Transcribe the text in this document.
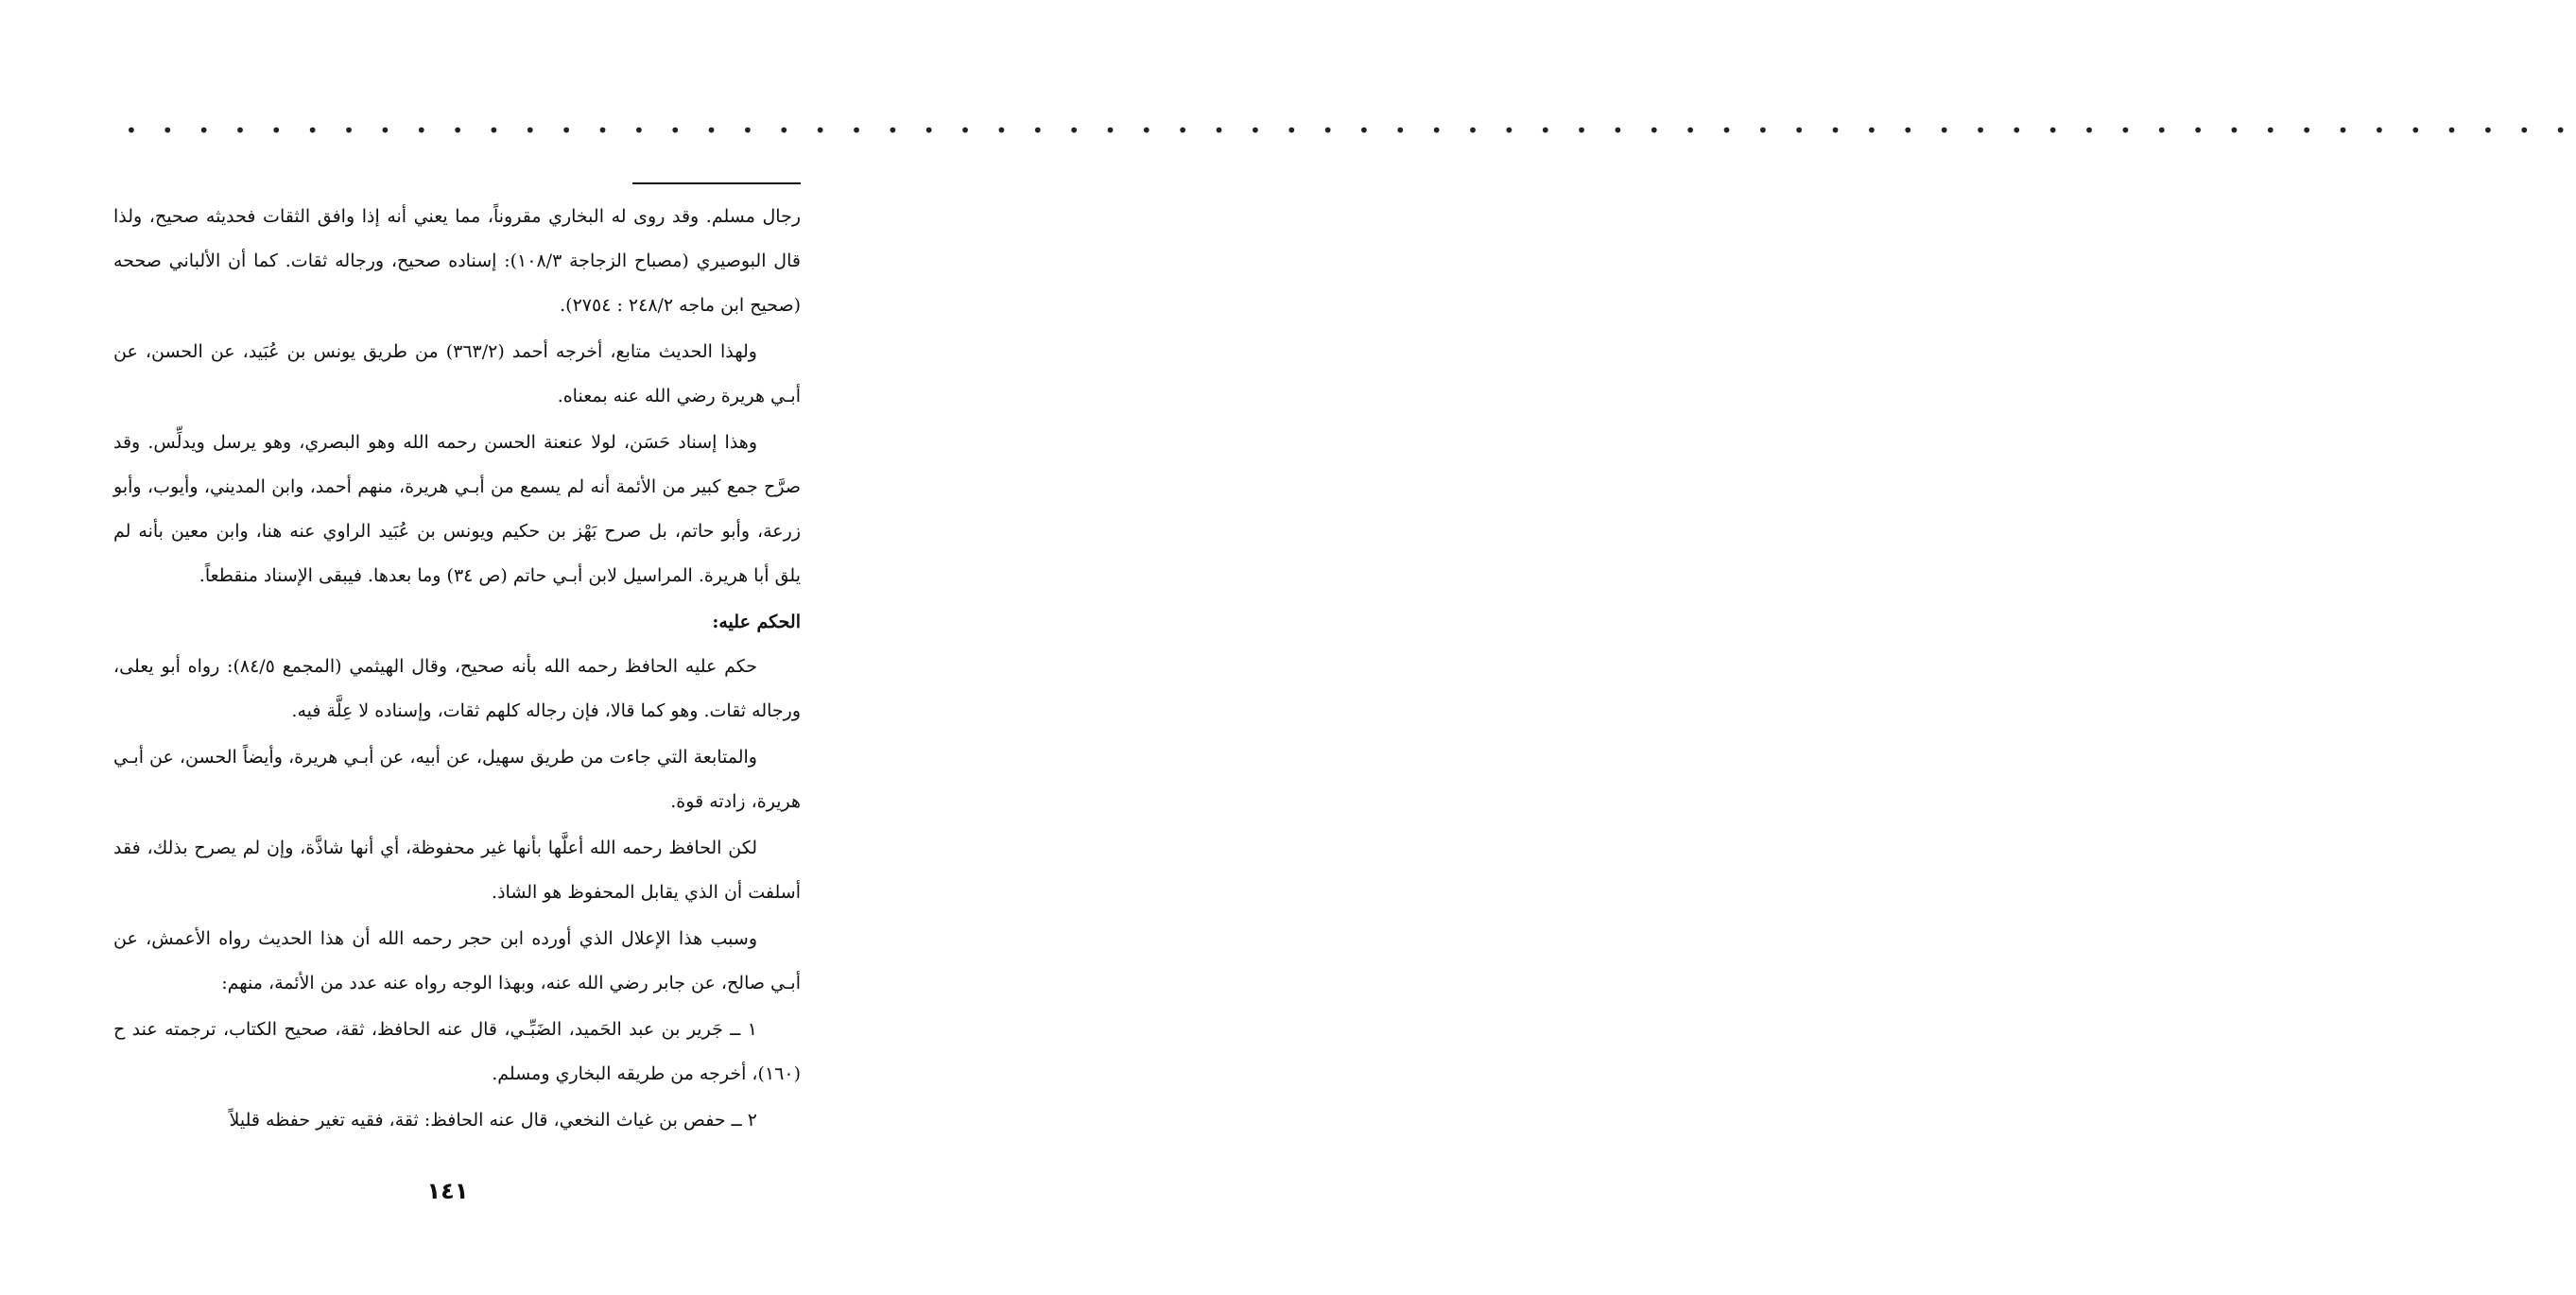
• • • • • • • • • • • • • • • • • • • • • • • • • • • • • • • • • • • • • • • • • • • • • • • • • • • • • • • • • • • • • • • • • • • •

رجال مسلم. وقد روى له البخاري مقروناً، مما يعني أنه إذا وافق الثقات فحديثه صحيح، ولذا قال البوصيري (مصباح الزجاجة ١٠٨/٣): إسناده صحيح، ورجاله ثقات. كما أن الألباني صححه (صحيح ابن ماجه ٢٤٨/٢ : ٢٧٥٤).

ولهذا الحديث متابع، أخرجه أحمد (٣٦٣/٢) من طريق يونس بن عُبَيد، عن الحسن، عن أبـي هريرة رضي الله عنه بمعناه.

وهذا إسناد حَسَن، لولا عنعنة الحسن رحمه الله وهو البصري، وهو يرسل ويدلِّس. وقد صرَّح جمع كبير من الأئمة أنه لم يسمع من أبـي هريرة، منهم أحمد، وابن المديني، وأيوب، وأبو زرعة، وأبو حاتم، بل صرح بَهْز بن حكيم ويونس بن عُبَيد الراوي عنه هنا، وابن معين بأنه لم يلق أبا هريرة. المراسيل لابن أبـي حاتم (ص ٣٤) وما بعدها. فيبقى الإسناد منقطعاً.

الحكم عليه:

حكم عليه الحافظ رحمه الله بأنه صحيح، وقال الهيثمي (المجمع ٨٤/٥): رواه أبو يعلى، ورجاله ثقات. وهو كما قالا، فإن رجاله كلهم ثقات، وإسناده لا عِلَّة فيه.

والمتابعة التي جاءت من طريق سهيل، عن أبيه، عن أبـي هريرة، وأيضاً الحسن، عن أبـي هريرة، زادته قوة.

لكن الحافظ رحمه الله أعلَّها بأنها غير محفوظة، أي أنها شاذَّة، وإن لم يصرح بذلك، فقد أسلفت أن الذي يقابل المحفوظ هو الشاذ.

وسبب هذا الإعلال الذي أورده ابن حجر رحمه الله أن هذا الحديث رواه الأعمش، عن أبـي صالح، عن جابر رضي الله عنه، وبهذا الوجه رواه عنه عدد من الأئمة، منهم:

١ ــ جَرير بن عبد الحَميد، الضَبِّـي، قال عنه الحافظ، ثقة، صحيح الكتاب، ترجمته عند ح (١٦٠)، أخرجه من طريقه البخاري ومسلم.

٢ ــ حفص بن غياث النخعي، قال عنه الحافظ: ثقة، فقيه تغير حفظه قليلاً

١٤١
